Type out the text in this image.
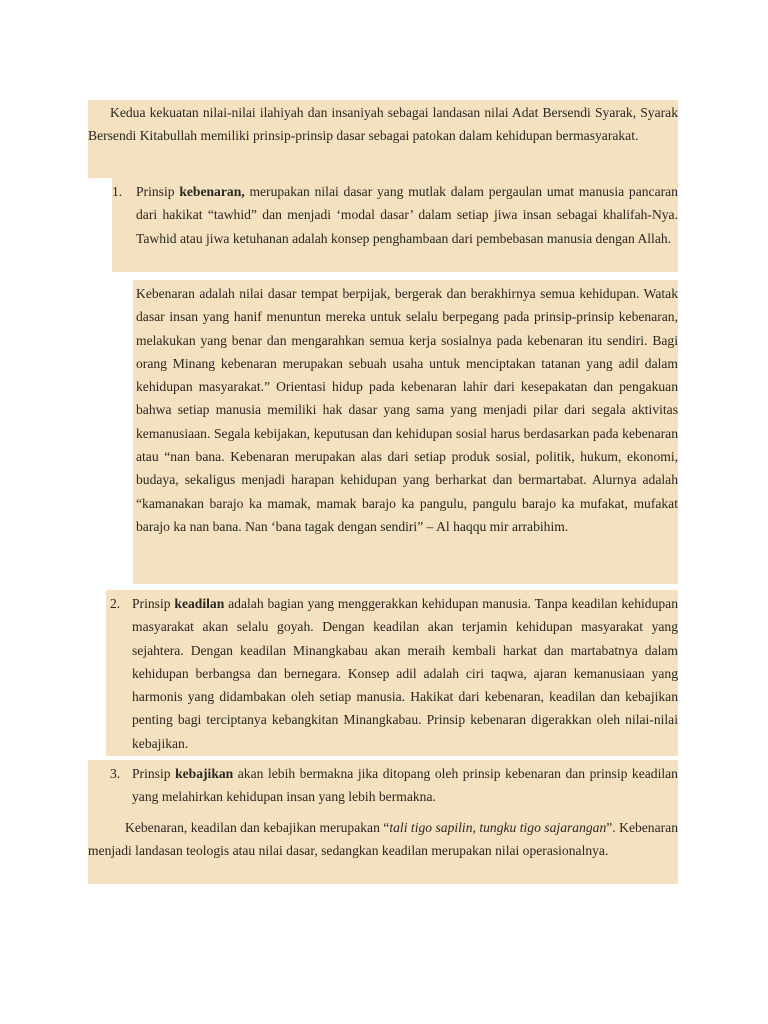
Kedua kekuatan nilai-nilai ilahiyah dan insaniyah sebagai landasan nilai Adat Bersendi Syarak, Syarak Bersendi Kitabullah memiliki prinsip-prinsip dasar sebagai patokan dalam kehidupan bermasyarakat.

1. Prinsip kebenaran, merupakan nilai dasar yang mutlak dalam pergaulan umat manusia pancaran dari hakikat “tawhid” dan menjadi ‘modal dasar’ dalam setiap jiwa insan sebagai khalifah-Nya. Tawhid atau jiwa ketuhanan adalah konsep penghambaan dari pembebasan manusia dengan Allah.

Kebenaran adalah nilai dasar tempat berpijak, bergerak dan berakhirnya semua kehidupan. Watak dasar insan yang hanif menuntun mereka untuk selalu berpegang pada prinsip-prinsip kebenaran, melakukan yang benar dan mengarahkan semua kerja sosialnya pada kebenaran itu sendiri. Bagi orang Minang kebenaran merupakan sebuah usaha untuk menciptakan tatanan yang adil dalam kehidupan masyarakat.” Orientasi hidup pada kebenaran lahir dari kesepakatan dan pengakuan bahwa setiap manusia memiliki hak dasar yang sama yang menjadi pilar dari segala aktivitas kemanusiaan. Segala kebijakan, keputusan dan kehidupan sosial harus berdasarkan pada kebenaran atau “nan bana. Kebenaran merupakan alas dari setiap produk sosial, politik, hukum, ekonomi, budaya, sekaligus menjadi harapan kehidupan yang berharkat dan bermartabat. Alurnya adalah “kamanakan barajo ka mamak, mamak barajo ka pangulu, pangulu barajo ka mufakat, mufakat barajo ka nan bana. Nan ‘bana tagak dengan sendiri” – Al haqqu mir arrabihim.

2. Prinsip keadilan adalah bagian yang menggerakkan kehidupan manusia. Tanpa keadilan kehidupan masyarakat akan selalu goyah. Dengan keadilan akan terjamin kehidupan masyarakat yang sejahtera. Dengan keadilan Minangkabau akan meraih kembali harkat dan martabatnya dalam kehidupan berbangsa dan bernegara. Konsep adil adalah ciri taqwa, ajaran kemanusiaan yang harmonis yang didambakan oleh setiap manusia. Hakikat dari kebenaran, keadilan dan kebajikan penting bagi terciptanya kebangkitan Minangkabau. Prinsip kebenaran digerakkan oleh nilai-nilai kebajikan.

3. Prinsip kebajikan akan lebih bermakna jika ditopang oleh prinsip kebenaran dan prinsip keadilan yang melahirkan kehidupan insan yang lebih bermakna.

Kebenaran, keadilan dan kebajikan merupakan “tali tigo sapilin, tungku tigo sajarangan”. Kebenaran menjadi landasan teologis atau nilai dasar, sedangkan keadilan merupakan nilai operasionalnya.
